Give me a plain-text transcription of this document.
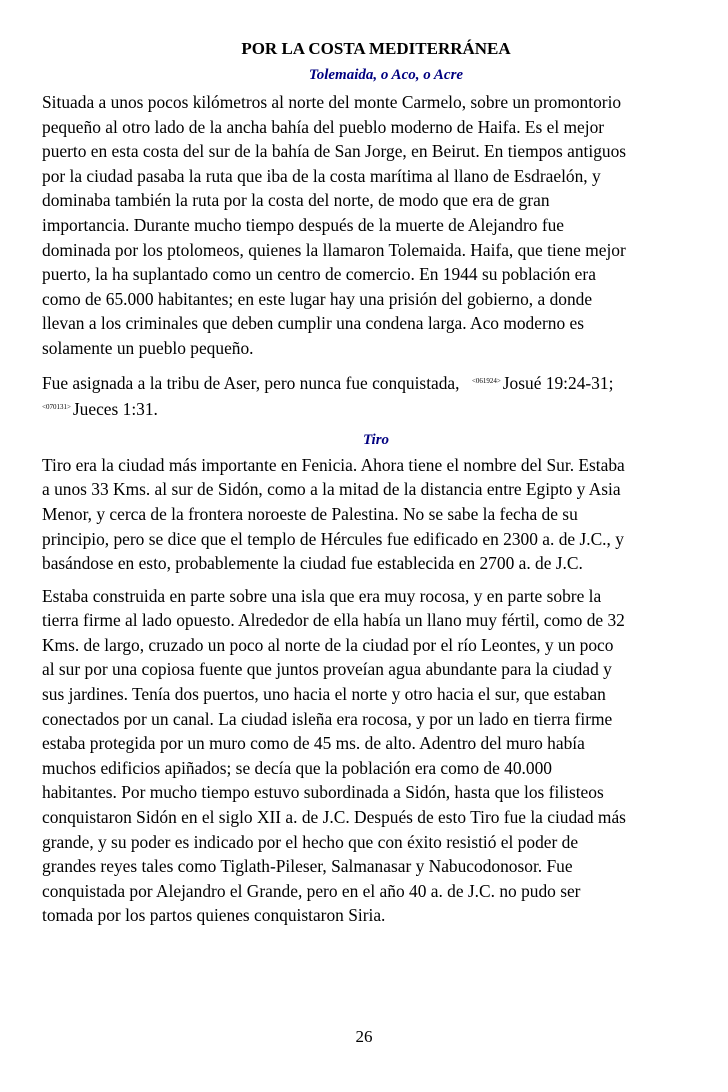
POR LA COSTA MEDITERRÁNEA
Tolemaida, o Aco, o Acre

Situada a unos pocos kilómetros al norte del monte Carmelo, sobre un promontorio
pequeño al otro lado de la ancha bahía del pueblo moderno de Haifa. Es el mejor
puerto en esta costa del sur de la bahía de San Jorge, en Beirut. En tiempos antiguos
por la ciudad pasaba la ruta que iba de la costa marítima al llano de Esdraelón, y
dominaba también la ruta por la costa del norte, de modo que era de gran
importancia. Durante mucho tiempo después de la muerte de Alejandro fue
dominada por los ptolomeos, quienes la llamaron Tolemaida. Haifa, que tiene mejor
puerto, la ha suplantado como un centro de comercio. En 1944 su población era
como de 65.000 habitantes; en este lugar hay una prisión del gobierno, a donde
llevan a los criminales que deben cumplir una condena larga. Aco moderno es
solamente un pueblo pequeño.

Fue asignada a la tribu de Aser, pero nunca fue conquistada, $^{<061924>}$ Josué 19:24-31;
$^{<070131>}$ Jueces 1:31.

Tiro

Tiro era la ciudad más importante en Fenicia. Ahora tiene el nombre del Sur. Estaba
a unos 33 Kms. al sur de Sidón, como a la mitad de la distancia entre Egipto y Asia
Menor, y cerca de la frontera noroeste de Palestina. No se sabe la fecha de su
principio, pero se dice que el templo de Hércules fue edificado en 2300 a. de J.C., y
basándose en esto, probablemente la ciudad fue establecida en 2700 a. de J.C.

Estaba construida en parte sobre una isla que era muy rocosa, y en parte sobre la
tierra firme al lado opuesto. Alrededor de ella había un llano muy fértil, como de 32
Kms. de largo, cruzado un poco al norte de la ciudad por el río Leontes, y un poco
al sur por una copiosa fuente que juntos proveían agua abundante para la ciudad y
sus jardines. Tenía dos puertos, uno hacia el norte y otro hacia el sur, que estaban
conectados por un canal. La ciudad isleña era rocosa, y por un lado en tierra firme
estaba protegida por un muro como de 45 ms. de alto. Adentro del muro había
muchos edificios apiñados; se decía que la población era como de 40.000
habitantes. Por mucho tiempo estuvo subordinada a Sidón, hasta que los filisteos
conquistaron Sidón en el siglo XII a. de J.C. Después de esto Tiro fue la ciudad más
grande, y su poder es indicado por el hecho que con éxito resistió el poder de
grandes reyes tales como Tiglath-Pileser, Salmanasar y Nabucodonosor. Fue
conquistada por Alejandro el Grande, pero en el año 40 a. de J.C. no pudo ser
tomada por los partos quienes conquistaron Siria.

26
